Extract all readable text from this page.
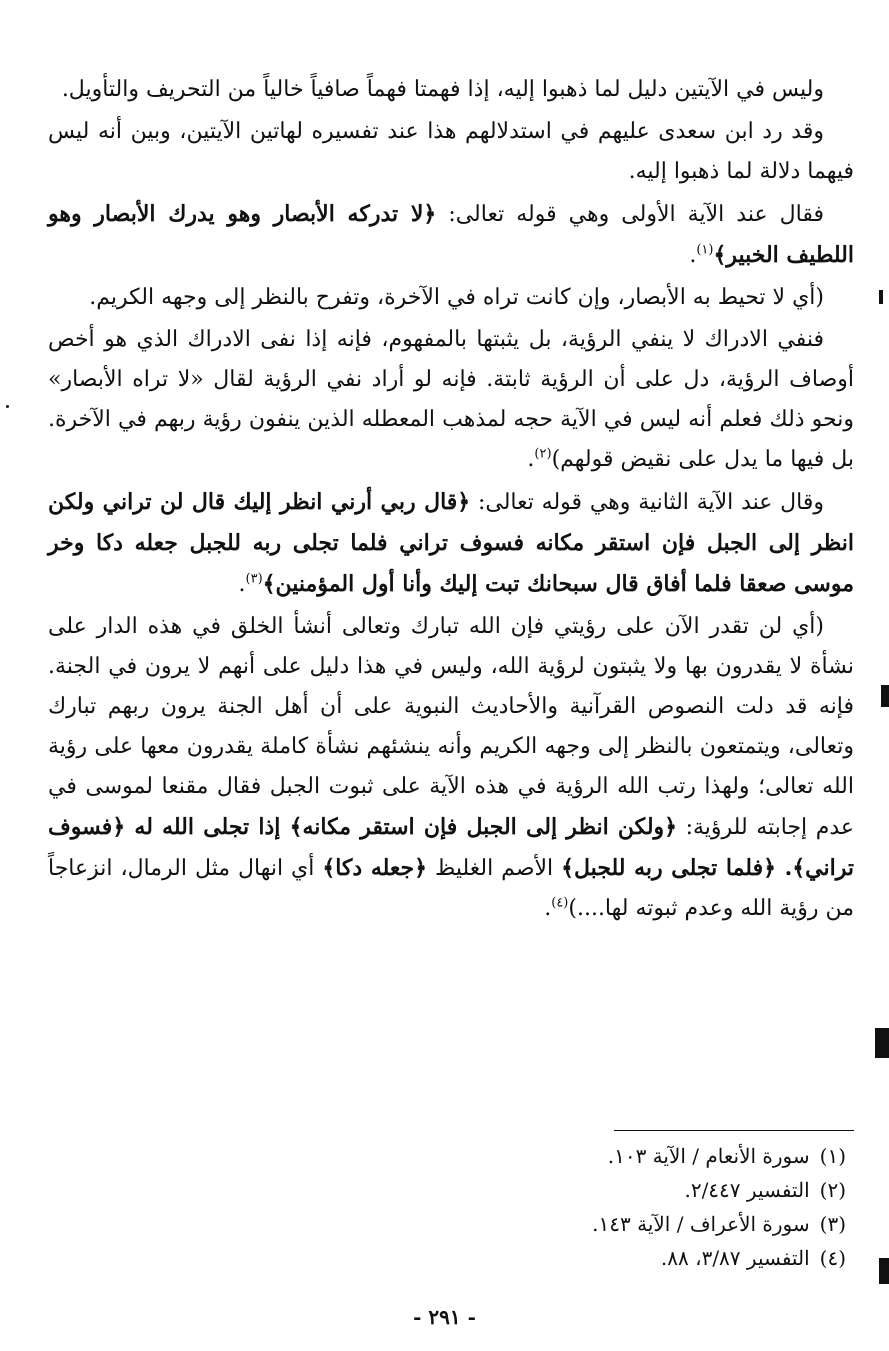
وليس في الآيتين دليل لما ذهبوا إليه، إذا فهمتا فهماً صافياً خالياً من التحريف والتأويل.

وقد رد ابن سعدى عليهم في استدلالهم هذا عند تفسيره لهاتين الآيتين، وبين أنه ليس فيهما دلالة لما ذهبوا إليه.

فقال عند الآية الأولى وهي قوله تعالى: ﴿لا تدركه الأبصار وهو يدرك الأبصار وهو اللطيف الخبير﴾$^{(١)}$.

(أي لا تحيط به الأبصار، وإن كانت تراه في الآخرة، وتفرح بالنظر إلى وجهه الكريم.

فنفي الادراك لا ينفي الرؤية، بل يثبتها بالمفهوم، فإنه إذا نفى الادراك الذي هو أخص أوصاف الرؤية، دل على أن الرؤية ثابتة. فإنه لو أراد نفي الرؤية لقال «لا تراه الأبصار» ونحو ذلك فعلم أنه ليس في الآية حجه لمذهب المعطله الذين ينفون رؤية ربهم في الآخرة. بل فيها ما يدل على نقيض قولهم)$^{(٢)}$.

وقال عند الآية الثانية وهي قوله تعالى: ﴿قال ربي أرني انظر إليك قال لن تراني ولكن انظر إلى الجبل فإن استقر مكانه فسوف تراني فلما تجلى ربه للجبل جعله دكا وخر موسى صعقا فلما أفاق قال سبحانك تبت إليك وأنا أول المؤمنين﴾$^{(٣)}$.

(أي لن تقدر الآن على رؤيتي فإن الله تبارك وتعالى أنشأ الخلق في هذه الدار على نشأة لا يقدرون بها ولا يثبتون لرؤية الله، وليس في هذا دليل على أنهم لا يرون في الجنة. فإنه قد دلت النصوص القرآنية والأحاديث النبوية على أن أهل الجنة يرون ربهم تبارك وتعالى، ويتمتعون بالنظر إلى وجهه الكريم وأنه ينشئهم نشأة كاملة يقدرون معها على رؤية الله تعالى؛ ولهذا رتب الله الرؤية في هذه الآية على ثبوت الجبل فقال مقنعا لموسى في عدم إجابته للرؤية: ﴿ولكن انظر إلى الجبل فإن استقر مكانه﴾ إذا تجلى الله له ﴿فسوف تراني﴾. ﴿فلما تجلى ربه للجبل﴾ الأصم الغليظ ﴿جعله دكا﴾ أي انهال مثل الرمال، انزعاجاً من رؤية الله وعدم ثبوته لها....)$^{(٤)}$.

(١)سورة الأنعام / الآية ١٠٣.
(٢)التفسير ٢/٤٤٧.
(٣)سورة الأعراف / الآية ١٤٣.
(٤)التفسير ٣/٨٧، ٨٨.
- ٢٩١ -
